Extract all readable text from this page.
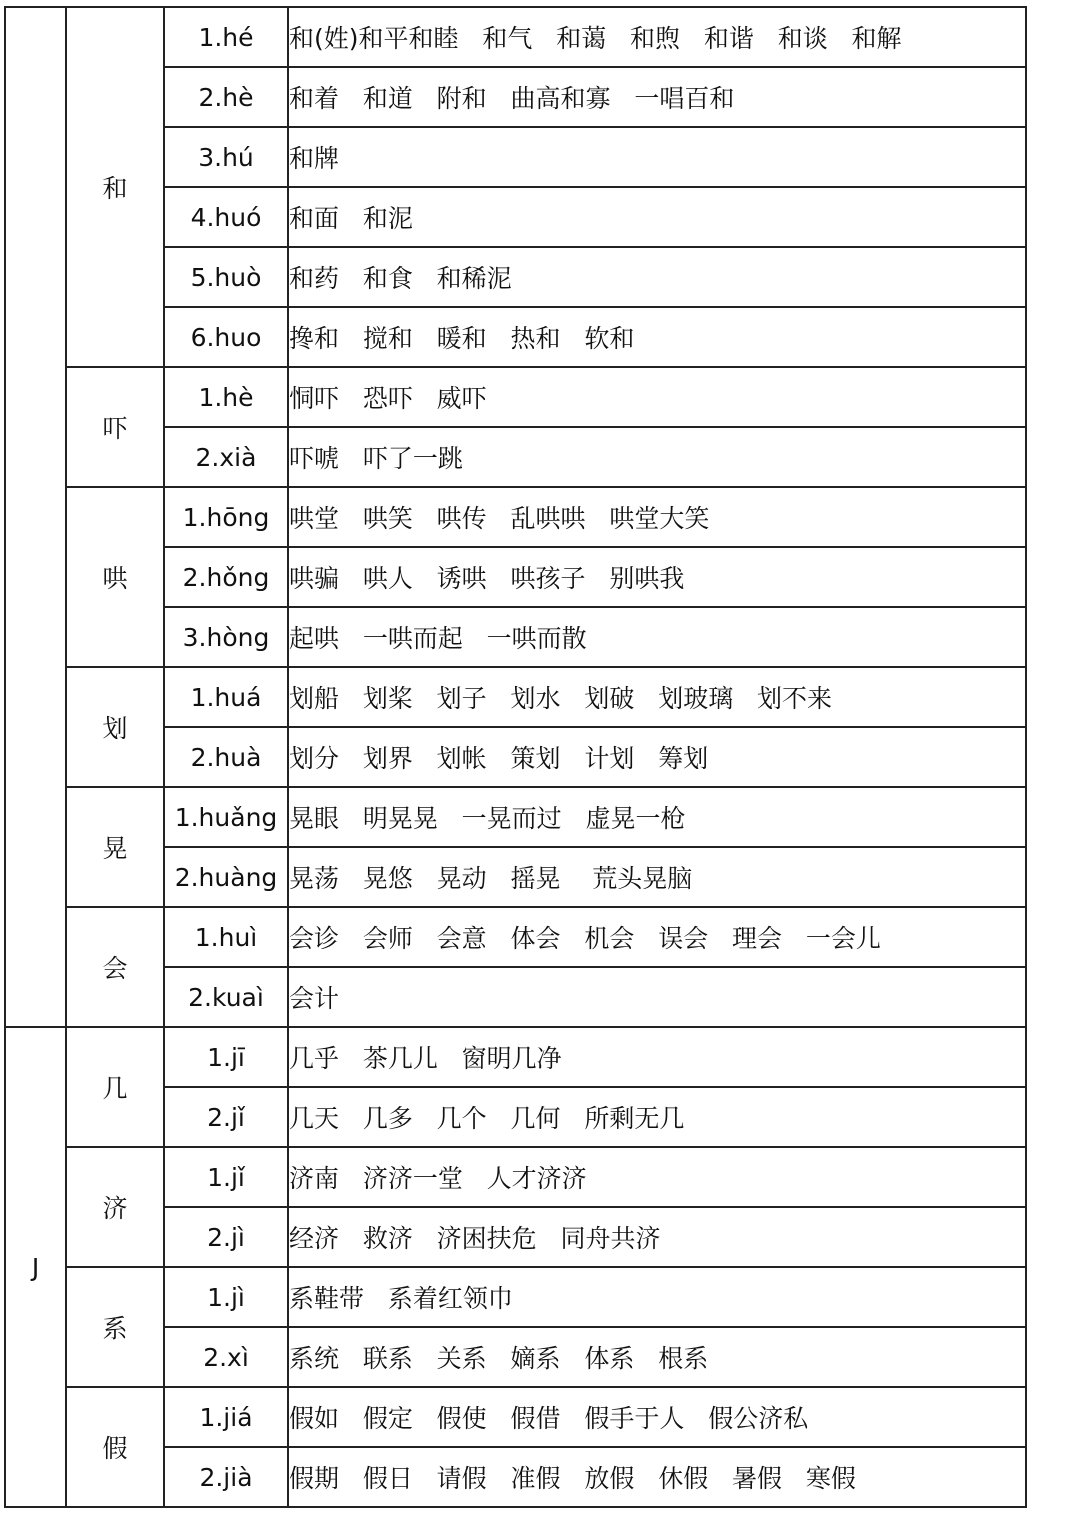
	和	1.hé	和(姓)和平和睦   和气   和蔼   和煦   和谐   和谈   和解
		2.hè	和着   和道   附和   曲高和寡   一唱百和
		3.hú	和牌
		4.huó	和面   和泥
		5.huò	和药   和食   和稀泥
		6.huo	搀和   搅和   暖和   热和   软和
	吓	1.hè	恫吓   恐吓   威吓
		2.xià	吓唬   吓了一跳
	哄	1.hōng	哄堂   哄笑   哄传   乱哄哄   哄堂大笑
		2.hǒng	哄骗   哄人   诱哄   哄孩子   别哄我
		3.hòng	起哄   一哄而起   一哄而散
	划	1.huá	划船   划桨   划子   划水   划破   划玻璃   划不来
		2.huà	划分   划界   划帐   策划   计划   筹划
	晃	1.huǎng	晃眼   明晃晃   一晃而过   虚晃一枪
		2.huàng	晃荡   晃悠   晃动   摇晃    荒头晃脑
	会	1.huì	会诊   会师   会意   体会   机会   误会   理会   一会儿
		2.kuaì	会计
J	几	1.jī	几乎   茶几儿   窗明几净
		2.jǐ	几天   几多   几个   几何   所剩无几
	济	1.jǐ	济南   济济一堂   人才济济
		2.jì	经济   救济   济困扶危   同舟共济
	系	1.jì	系鞋带   系着红领巾
		2.xì	系统   联系   关系   嫡系   体系   根系
	假	1.jiá	假如   假定   假使   假借   假手于人   假公济私
		2.jià	假期   假日   请假   准假   放假   休假   暑假   寒假
